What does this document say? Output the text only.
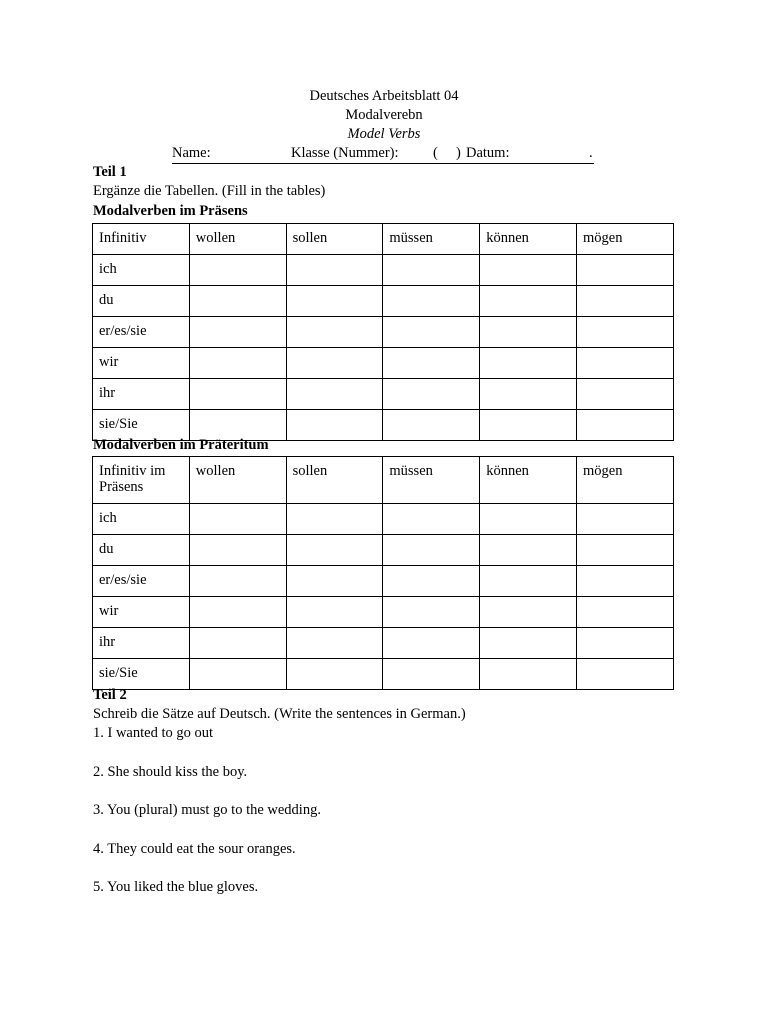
Deutsches Arbeitsblatt 04
Modalverebn
Model Verbs
Name:	Klasse (Nummer): (     ) Datum:	.
Teil 1
Ergänze die Tabellen. (Fill in the tables)
Modalverben im Präsens
Infinitiv	wollen	sollen	müssen	können	mögen
ich					
du					
er/es/sie					
wir					
ihr					
sie/Sie					
Modalverben im Präteritum
Infinitiv im Präsens	wollen	sollen	müssen	können	mögen
ich					
du					
er/es/sie					
wir					
ihr					
sie/Sie					
Teil 2
Schreib die Sätze auf Deutsch. (Write the sentences in German.)
1. I wanted to go out
2. She should kiss the boy.
3. You (plural) must go to the wedding.
4. They could eat the sour oranges.
5. You liked the blue gloves.
